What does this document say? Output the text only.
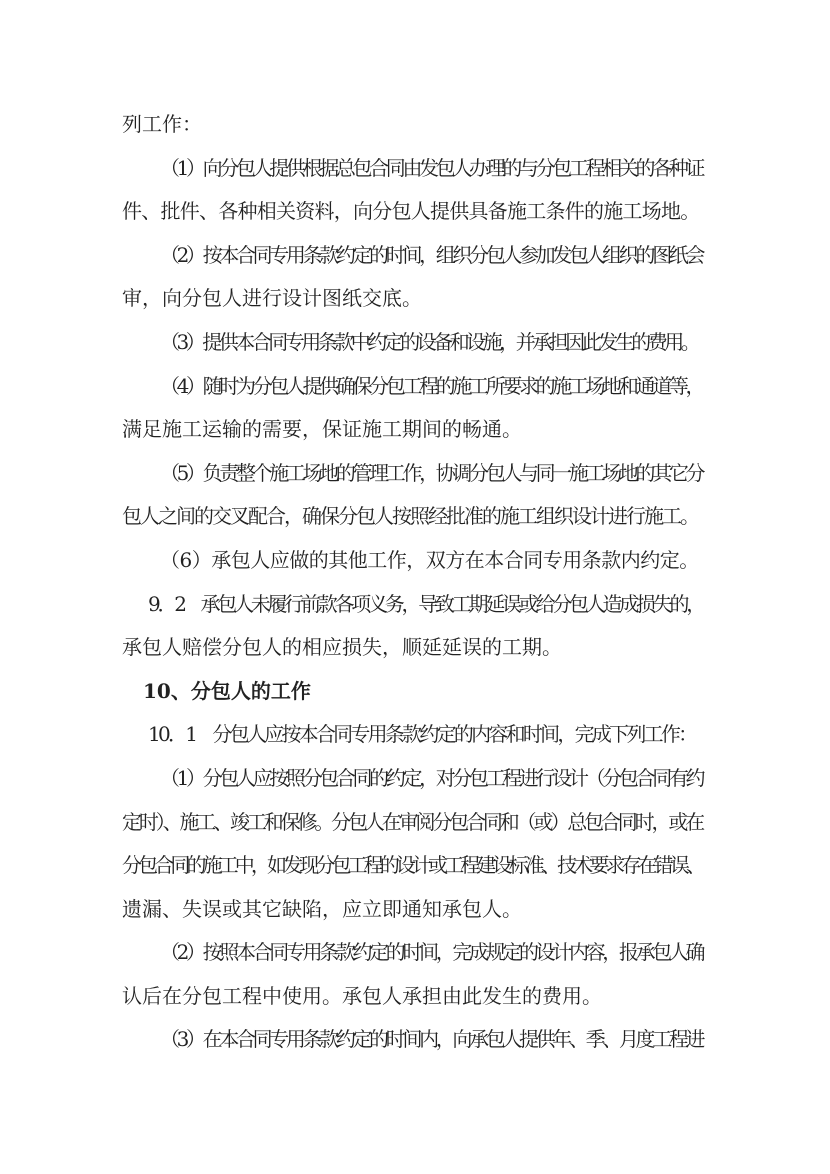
列工作：
（1）向分包人提供根据总包合同由发包人办理的与分包工程相关的各种证
件、批件、各种相关资料，向分包人提供具备施工条件的施工场地。
（2）按本合同专用条款约定的时间，组织分包人参加发包人组织的图纸会
审，向分包人进行设计图纸交底。
（3）提供本合同专用条款中约定的设备和设施，并承担因此发生的费用。
（4）随时为分包人提供确保分包工程的施工所要求的施工场地和通道等，
满足施工运输的需要，保证施工期间的畅通。
（5）负责整个施工场地的管理工作，协调分包人与同一施工场地的其它分
包人之间的交叉配合，确保分包人按照经批准的施工组织设计进行施工。
（6）承包人应做的其他工作，双方在本合同专用条款内约定。
9．2　承包人未履行前款各项义务，导致工期延误或给分包人造成损失的，
承包人赔偿分包人的相应损失，顺延延误的工期。
10、分包人的工作
10．1　分包人应按本合同专用条款约定的内容和时间，完成下列工作：
（1）分包人应按照分包合同的约定，对分包工程进行设计（分包合同有约
定时）、施工、竣工和保修。分包人在审阅分包合同和（或）总包合同时，或在
分包合同的施工中，如发现分包工程的设计或工程建设标准、技术要求存在错误、
遗漏、失误或其它缺陷，应立即通知承包人。
（2）按照本合同专用条款约定的时间，完成规定的设计内容，报承包人确
认后在分包工程中使用。承包人承担由此发生的费用。
（3）在本合同专用条款约定的时间内，向承包人提供年、季、月度工程进
